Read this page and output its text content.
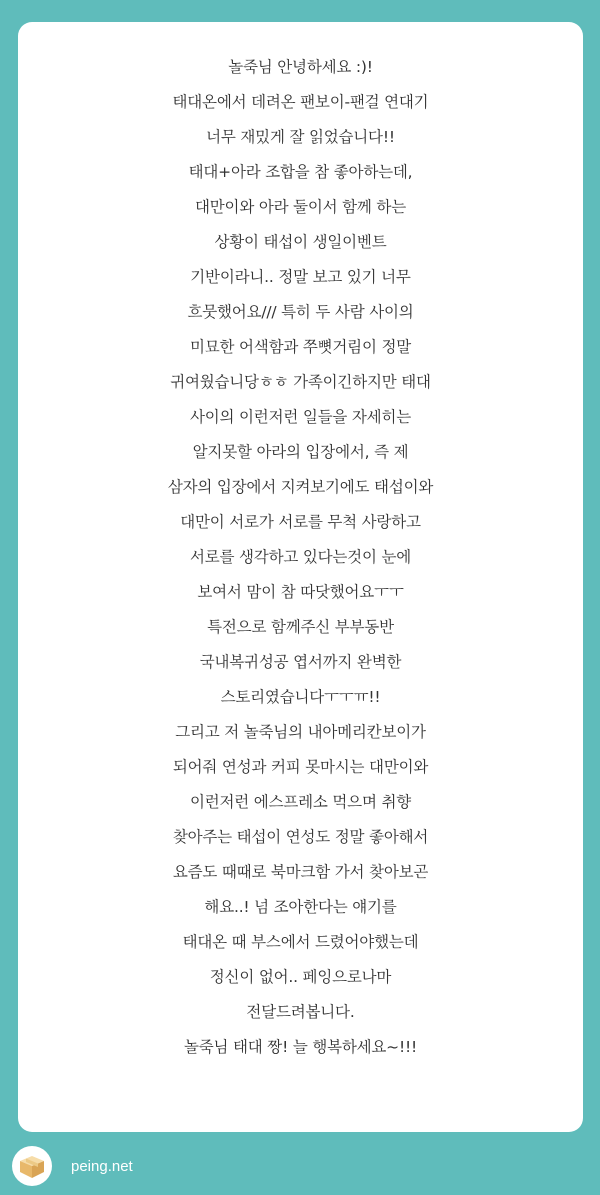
놀죽님 안녕하세요 :)!
태대온에서 데려온 팬보이-팬걸 연대기
너무 재밌게 잘 읽었습니다!!
태대+아라 조합을 참 좋아하는데,
대만이와 아라 둘이서 함께 하는
상황이 태섭이 생일이벤트
기반이라니.. 정말 보고 있기 너무
흐뭇했어요/// 특히 두 사람 사이의
미묘한 어색함과 쭈뼛거림이 정말
귀여웠습니당ㅎㅎ 가족이긴하지만 태대
사이의 이런저런 일들을 자세히는
알지못할 아라의 입장에서, 즉 제
삼자의 입장에서 지켜보기에도 태섭이와
대만이 서로가 서로를 무척 사랑하고
서로를 생각하고 있다는것이 눈에
보여서 맘이 참 따닷했어요ㅜㅜ
특전으로 함께주신 부부동반
국내복귀성공 엽서까지 완벽한
스토리였습니다ㅜㅜㅠ!!
그리고 저 놀죽님의 내아메리칸보이가
되어줘 연성과 커피 못마시는 대만이와
이런저런 에스프레소 먹으며 취향
찾아주는 태섭이 연성도 정말 좋아해서
요즘도 때때로 북마크함 가서 찾아보곤
해요..! 넘 조아한다는 얘기를
태대온 때 부스에서 드렸어야했는데
정신이 없어.. 페잉으로나마
전달드려봅니다.
놀죽님 태대 짱! 늘 행복하세요~!!!
peing.net
